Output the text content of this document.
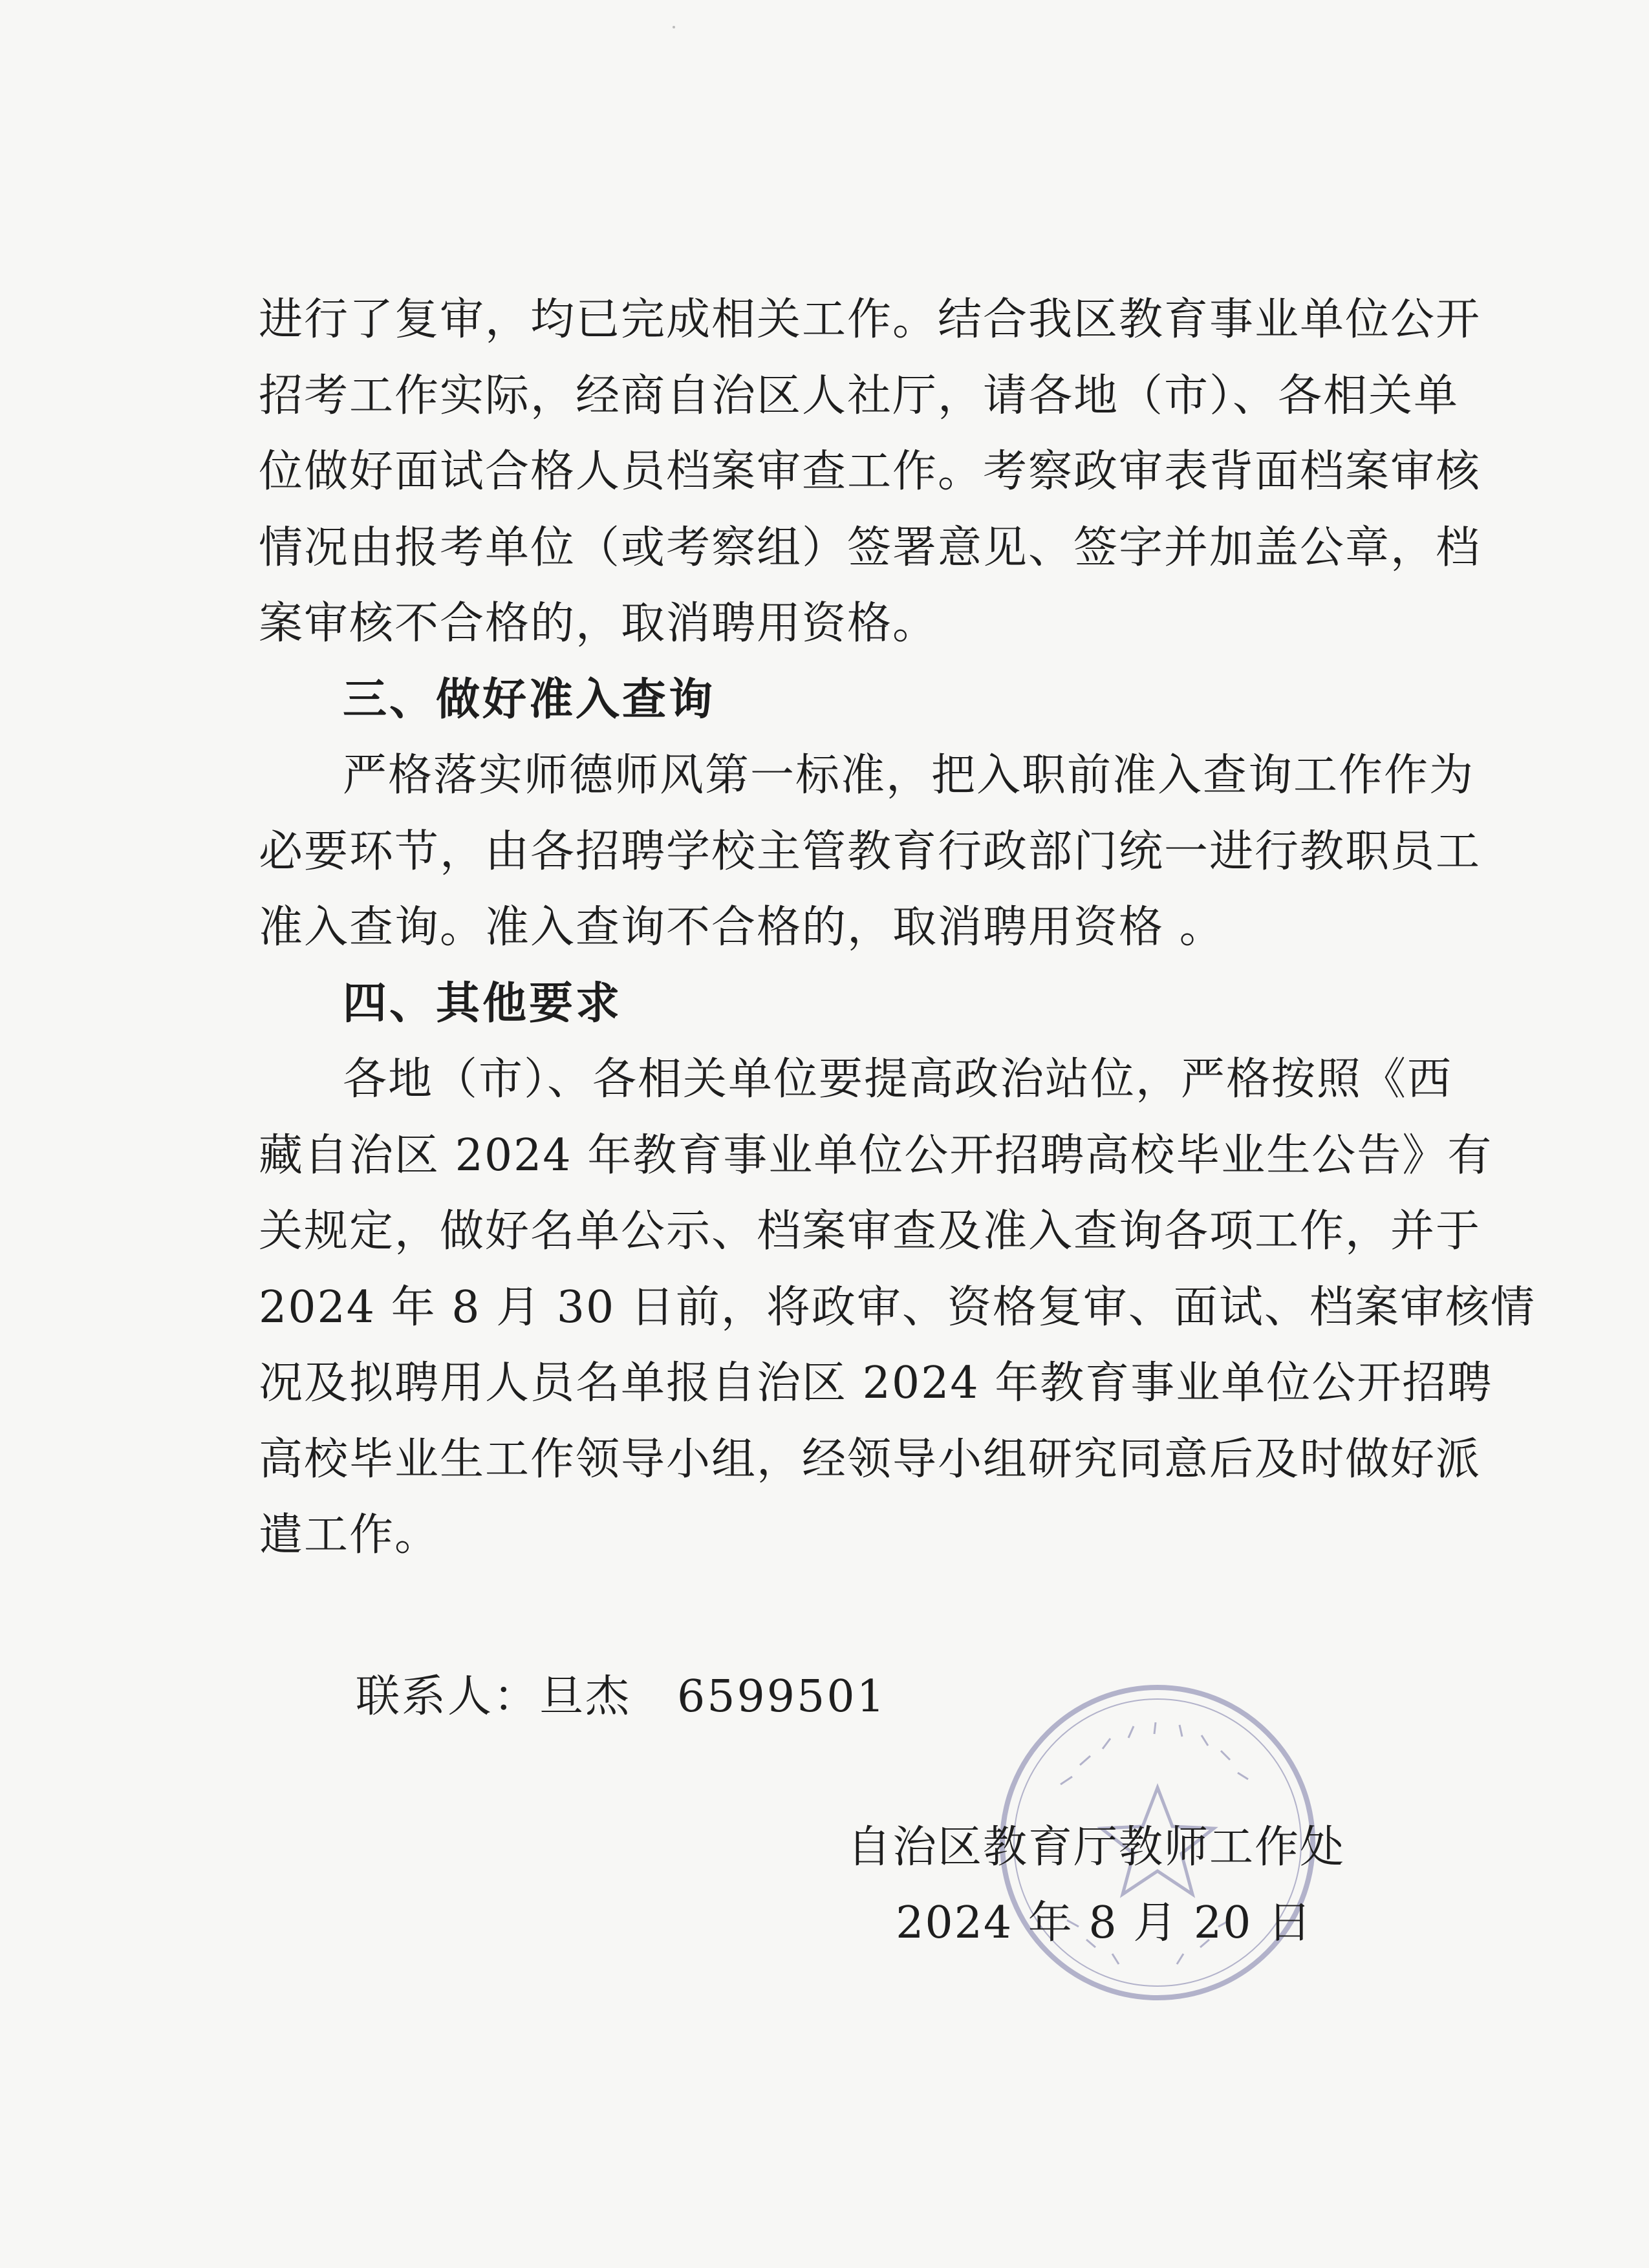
进行了复审，均已完成相关工作。结合我区教育事业单位公开
招考工作实际，经商自治区人社厅，请各地（市）、各相关单
位做好面试合格人员档案审查工作。考察政审表背面档案审核
情况由报考单位（或考察组）签署意见、签字并加盖公章，档
案审核不合格的，取消聘用资格。
三、做好准入查询
严格落实师德师风第一标准，把入职前准入查询工作作为
必要环节，由各招聘学校主管教育行政部门统一进行教职员工
准入查询。准入查询不合格的，取消聘用资格 。
四、其他要求
各地（市）、各相关单位要提高政治站位，严格按照《西
藏自治区 2024 年教育事业单位公开招聘高校毕业生公告》有
关规定，做好名单公示、档案审查及准入查询各项工作，并于
2024 年 8 月 30 日前，将政审、资格复审、面试、档案审核情
况及拟聘用人员名单报自治区 2024 年教育事业单位公开招聘
高校毕业生工作领导小组，经领导小组研究同意后及时做好派
遣工作。
联系人：旦杰　6599501
自治区教育厅教师工作处
2024 年 8 月 20 日
